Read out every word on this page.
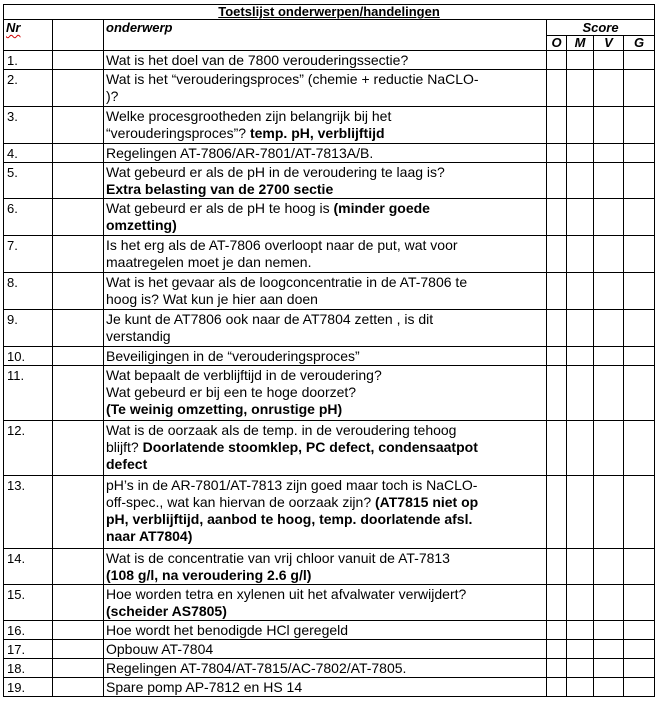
Toetslijst onderwerpen/handelingen						
Nr		onderwerp	Score			
			O	M	V	G
1.		Wat is het doel van de 7800 verouderingssectie?				

2.		Wat is het “verouderingsproces” (chemie + reductie NaCLO-
)?				

3.		Welke procesgrootheden zijn belangrijk bij het
“verouderingsproces”? temp. pH, verblijftijd				

4.		Regelingen AT-7806/AR-7801/AT-7813A/B.				

5.		Wat gebeurd er als de pH in de veroudering te laag is?
Extra belasting van de 2700 sectie				

6.		Wat gebeurd er als de pH te hoog is (minder goede
omzetting)				

7.		Is het erg als de AT-7806 overloopt naar de put, wat voor
maatregelen moet je dan nemen.				

8.		Wat is het gevaar als de loogconcentratie in de AT-7806 te
hoog is? Wat kun je hier aan doen				

9.		Je kunt de AT7806 ook naar de AT7804 zetten , is dit
verstandig				

10.		Beveiligingen in de “verouderingsproces”				

11.		Wat bepaalt de verblijftijd in de veroudering?
Wat gebeurd er bij een te hoge doorzet?
(Te weinig omzetting, onrustige pH)				

12.		Wat is de oorzaak als de temp. in de veroudering tehoog
blijft? Doorlatende stoomklep, PC defect, condensaatpot
defect				

13.		pH’s in de AR-7801/AT-7813 zijn goed maar toch is NaCLO-
off-spec., wat kan hiervan de oorzaak zijn? (AT7815 niet op
pH, verblijftijd, aanbod te hoog, temp. doorlatende afsl.
naar AT7804)				

14.		Wat is de concentratie van vrij chloor vanuit de AT-7813
(108 g/l, na veroudering 2.6 g/l)				

15.		Hoe worden tetra en xylenen uit het afvalwater verwijdert?
(scheider AS7805)				

16.		Hoe wordt het benodigde HCl geregeld				

17.		Opbouw AT-7804				

18.		Regelingen AT-7804/AT-7815/AC-7802/AT-7805.				

19.		Spare pomp AP-7812 en HS 14				
